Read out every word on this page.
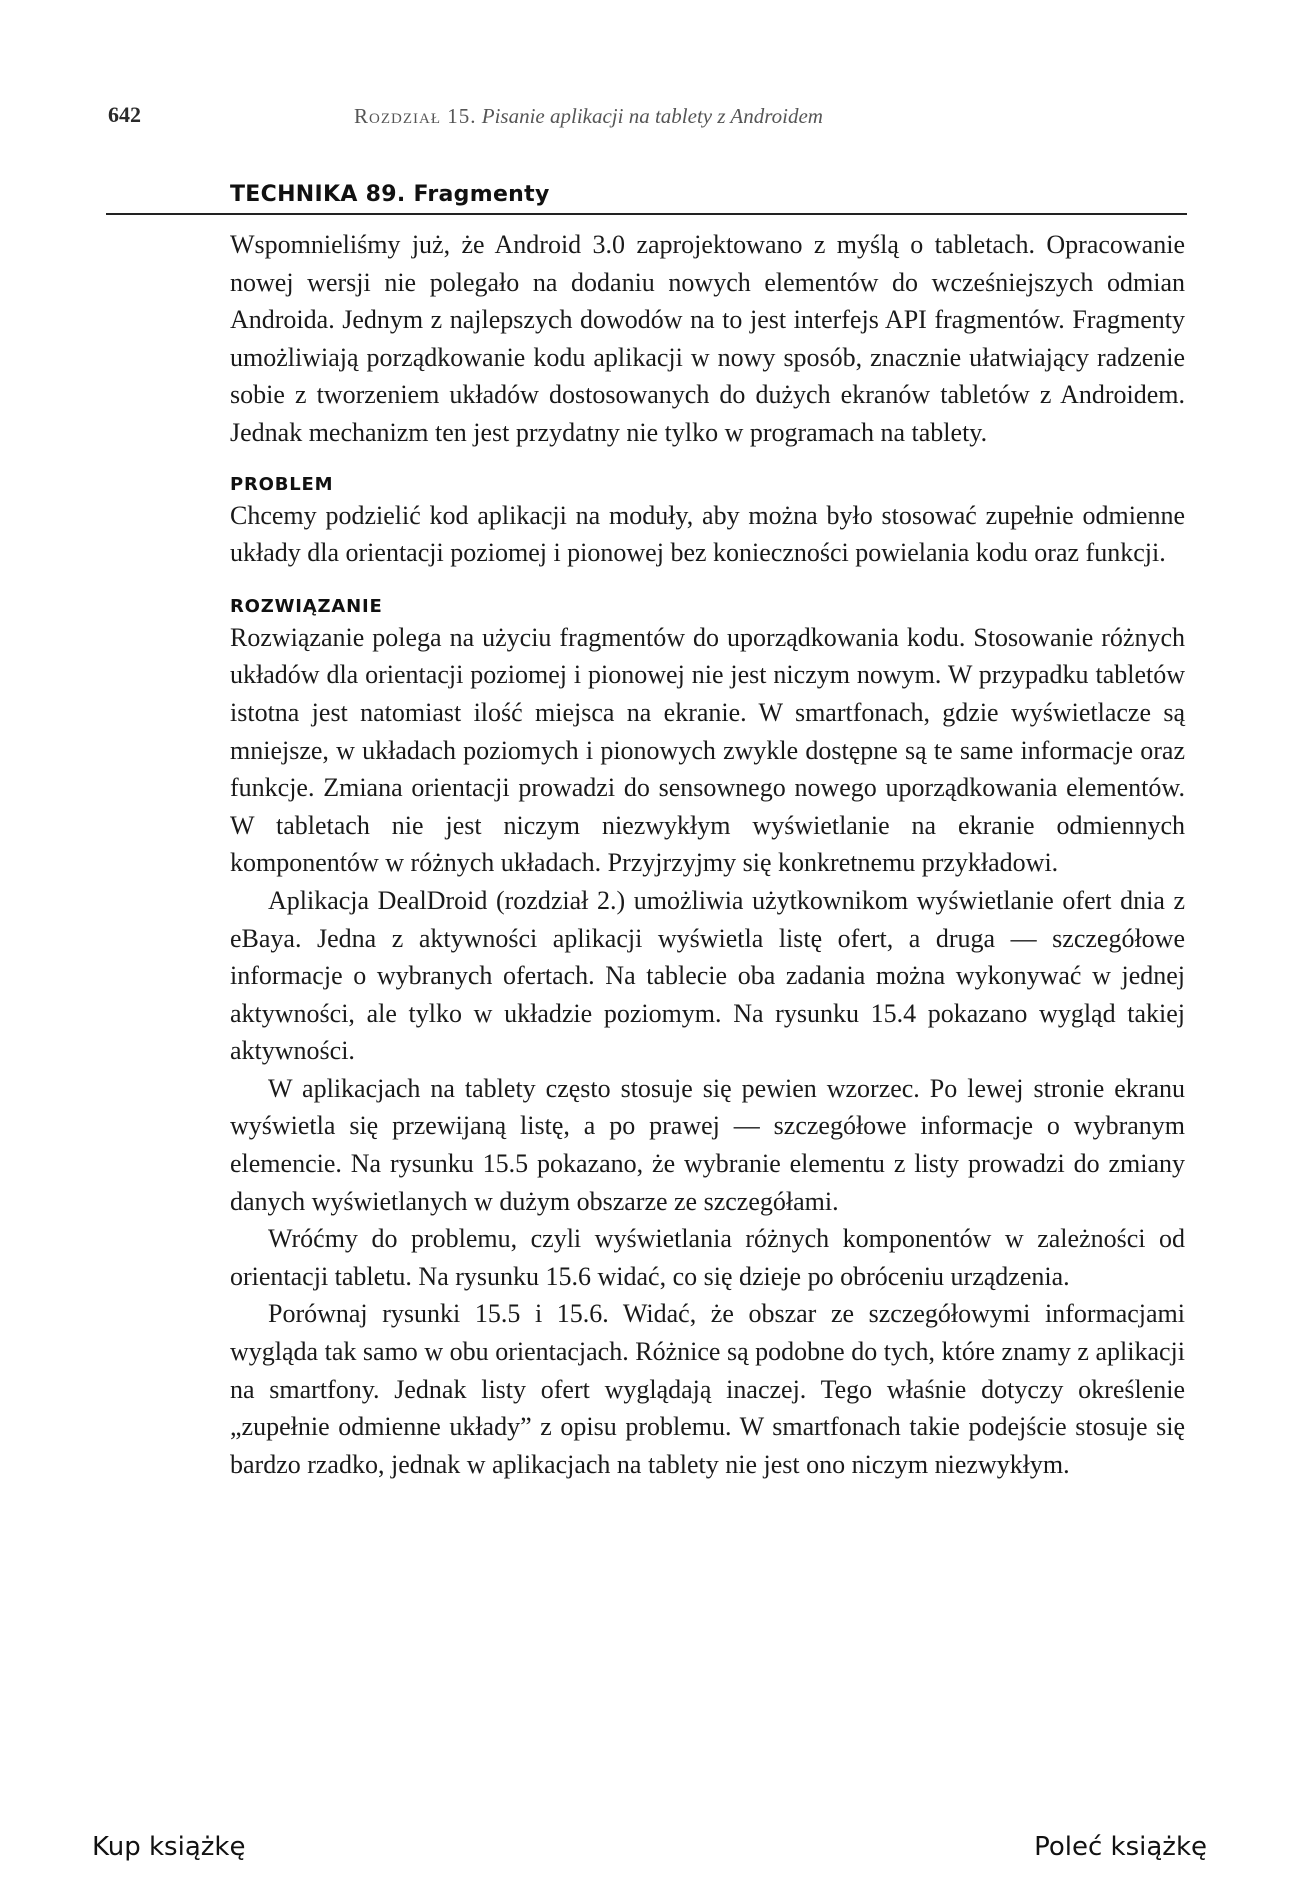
642	Rozdział 15. Pisanie aplikacji na tablety z Androidem
TECHNIKA 89. Fragmenty

Wspomnieliśmy już, że Android 3.0 zaprojektowano z myślą o tabletach. Opracowanie nowej wersji nie polegało na dodaniu nowych elementów do wcześniejszych odmian Androida. Jednym z najlepszych dowodów na to jest interfejs API fragmentów. Fragmenty umożliwiają porządkowanie kodu aplikacji w nowy sposób, znacznie ułatwiający radzenie sobie z tworzeniem układów dostosowanych do dużych ekranów tabletów z Androidem. Jednak mechanizm ten jest przydatny nie tylko w programach na tablety.

PROBLEM

Chcemy podzielić kod aplikacji na moduły, aby można było stosować zupełnie odmienne układy dla orientacji poziomej i pionowej bez konieczności powielania kodu oraz funkcji.

ROZWIĄZANIE

Rozwiązanie polega na użyciu fragmentów do uporządkowania kodu. Stosowanie różnych układów dla orientacji poziomej i pionowej nie jest niczym nowym. W przypadku tabletów istotna jest natomiast ilość miejsca na ekranie. W smartfonach, gdzie wyświetlacze są mniejsze, w układach poziomych i pionowych zwykle dostępne są te same informacje oraz funkcje. Zmiana orientacji prowadzi do sensownego nowego uporządkowania elementów. W tabletach nie jest niczym niezwykłym wyświetlanie na ekranie odmiennych komponentów w różnych układach. Przyjrzyjmy się konkretnemu przykładowi.

Aplikacja DealDroid (rozdział 2.) umożliwia użytkownikom wyświetlanie ofert dnia z eBaya. Jedna z aktywności aplikacji wyświetla listę ofert, a druga — szczegółowe informacje o wybranych ofertach. Na tablecie oba zadania można wykonywać w jednej aktywności, ale tylko w układzie poziomym. Na rysunku 15.4 pokazano wygląd takiej aktywności.

W aplikacjach na tablety często stosuje się pewien wzorzec. Po lewej stronie ekranu wyświetla się przewijaną listę, a po prawej — szczegółowe informacje o wybranym elemencie. Na rysunku 15.5 pokazano, że wybranie elementu z listy prowadzi do zmiany danych wyświetlanych w dużym obszarze ze szczegółami.

Wróćmy do problemu, czyli wyświetlania różnych komponentów w zależności od orientacji tabletu. Na rysunku 15.6 widać, co się dzieje po obróceniu urządzenia.

Porównaj rysunki 15.5 i 15.6. Widać, że obszar ze szczegółowymi informacjami wygląda tak samo w obu orientacjach. Różnice są podobne do tych, które znamy z aplikacji na smartfony. Jednak listy ofert wyglądają inaczej. Tego właśnie dotyczy określenie „zupełnie odmienne układy” z opisu problemu. W smartfonach takie podejście stosuje się bardzo rzadko, jednak w aplikacjach na tablety nie jest ono niczym niezwykłym.

Kup książkę	Poleć książkę
